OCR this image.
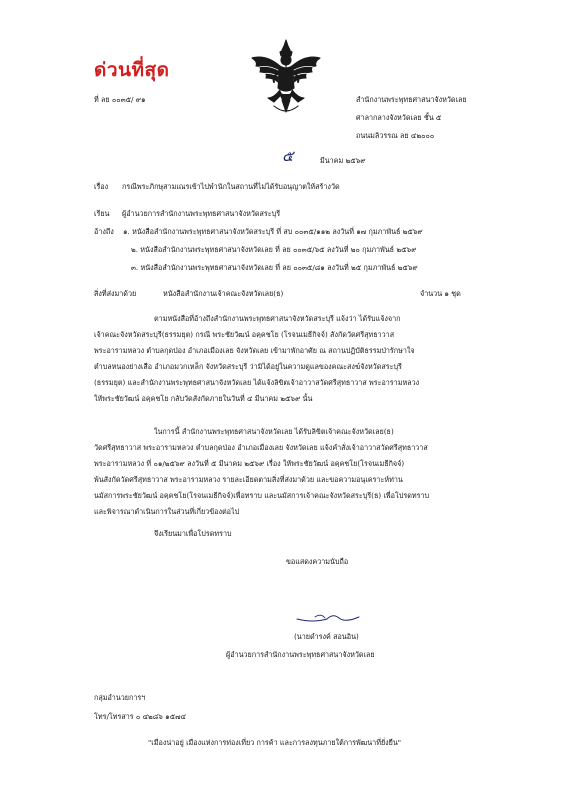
ด่วนที่สุด
ที่ ลย ๐๐๓๕/ ๙๑	สำนักงานพระพุทธศาสนาจังหวัดเลย
ศาลากลางจังหวัดเลย ชั้น ๕
ถนนมลิวรรณ ลย ๔๒๐๐๐
๕	มีนาคม ๒๕๖๙
เรื่อง กรณีพระภิกษุสามเณรเข้าไปพำนักในสถานที่ไม่ได้รับอนุญาตให้สร้างวัด
เรียน ผู้อำนวยการสำนักงานพระพุทธศาสนาจังหวัดสระบุรี
อ้างถึง ๑. หนังสือสำนักงานพระพุทธศาสนาจังหวัดสระบุรี ที่ สบ ๐๐๓๕/๑๑๒ ลงวันที่ ๑๗ กุมภาพันธ์ ๒๕๖๙
๒. หนังสือสำนักงานพระพุทธศาสนาจังหวัดเลย ที่ ลย ๐๐๓๕/๖๕ ลงวันที่ ๒๐ กุมภาพันธ์ ๒๕๖๙
๓. หนังสือสำนักงานพระพุทธศาสนาจังหวัดเลย ที่ ลย ๐๐๓๕/๘๑ ลงวันที่ ๒๕ กุมภาพันธ์ ๒๕๖๙
สิ่งที่ส่งมาด้วย	หนังสือสำนักงานเจ้าคณะจังหวัดเลย(ธ)	จำนวน ๑ ชุด
ตามหนังสือที่อ้างถึงสำนักงานพระพุทธศาสนาจังหวัดสระบุรี แจ้งว่า ได้รับแจ้งจาก
เจ้าคณะจังหวัดสระบุรี(ธรรมยุต) กรณี พระชัยวัฒน์ อคฺคชโย (โรจนเมธีกิจจ์) สังกัดวัดศรีสุทธาวาส
พระอารามหลวง ตำบลกุดป่อง อำเภอเมืองเลย จังหวัดเลย เข้ามาพักอาศัย ณ สถานปฏิบัติธรรมป่ารักษาใจ
ตำบลหนองย่างเสือ อำเภอมวกเหล็ก จังหวัดสระบุรี ว่ามิได้อยู่ในความดูแลของคณะสงฆ์จังหวัดสระบุรี
(ธรรมยุต) และสำนักงานพระพุทธศาสนาจังหวัดเลย ได้แจ้งลิขิตเจ้าอาวาสวัดศรีสุทธาวาส พระอารามหลวง
ให้พระชัยวัฒน์ อคฺคชโย กลับวัดสังกัดภายในวันที่ ๔ มีนาคม ๒๕๖๙ นั้น
ในการนี้ สำนักงานพระพุทธศาสนาจังหวัดเลย ได้รับลิขิตเจ้าคณะจังหวัดเลย(ธ)
วัดศรีสุทธาวาส พระอารามหลวง ตำบลกุดป่อง อำเภอเมืองเลย จังหวัดเลย แจ้งคำสั่งเจ้าอาวาสวัดศรีสุทธาวาส
พระอารามหลวง ที่ ๐๑/๒๕๖๙ ลงวันที่ ๕ มีนาคม ๒๕๖๙ เรื่อง ให้พระชัยวัฒน์ อคฺคชโย(โรจนเมธีกิจจ์)
พ้นสังกัดวัดศรีสุทธาวาส พระอารามหลวง รายละเอียดตามสิ่งที่ส่งมาด้วย และขอความอนุเคราะห์ท่าน
นมัสการพระชัยวัฒน์ อคฺคชโย(โรจนเมธีกิจจ์)เพื่อทราบ และนมัสการเจ้าคณะจังหวัดสระบุรี(ธ) เพื่อโปรดทราบ
และพิจารณาดำเนินการในส่วนที่เกี่ยวข้องต่อไป
จึงเรียนมาเพื่อโปรดทราบ
ขอแสดงความนับถือ
(นายดำรงค์ สอนอิน)
ผู้อำนวยการสำนักงานพระพุทธศาสนาจังหวัดเลย
กลุ่มอำนวยการฯ
โทร/โทรสาร ๐ ๔๒๘๖ ๑๕๗๔
"เมืองน่าอยู่ เมืองแห่งการท่องเที่ยว การค้า และการลงทุนภายใต้การพัฒนาที่ยั่งยืน"
